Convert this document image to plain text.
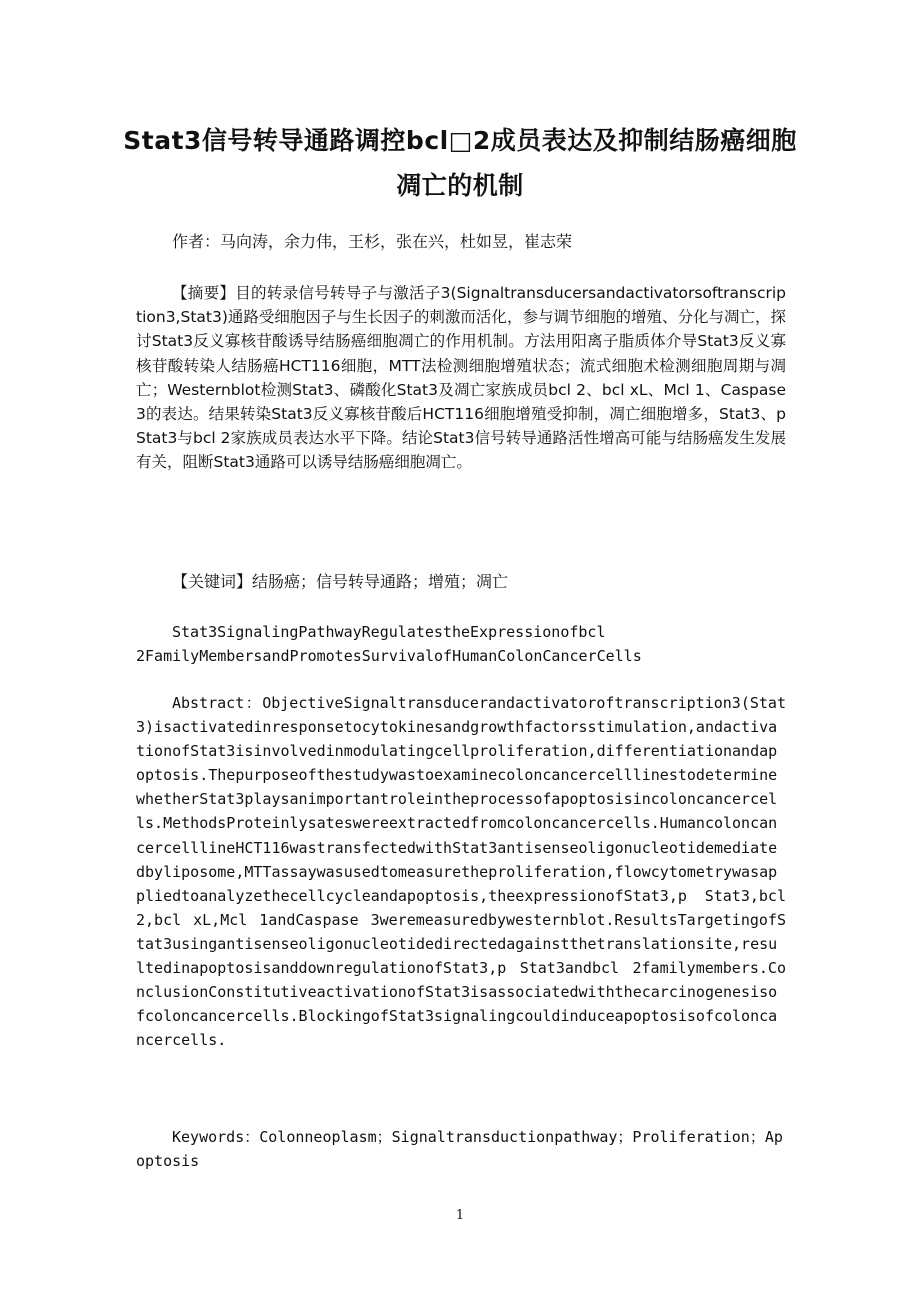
Stat3信号转导通路调控bcl□2成员表达及抑制结肠癌细胞凋亡的机制
作者：马向涛，余力伟，王杉，张在兴，杜如昱，崔志荣
【摘要】目的转录信号转导子与激活子3(Signaltransducersandactivatorsoftranscription3,Stat3)通路受细胞因子与生长因子的刺激而活化，参与调节细胞的增殖、分化与凋亡，探讨Stat3反义寡核苷酸诱导结肠癌细胞凋亡的作用机制。方法用阳离子脂质体介导Stat3反义寡核苷酸转染人结肠癌HCT116细胞，MTT法检测细胞增殖状态；流式细胞术检测细胞周期与凋亡；Westernblot检测Stat3、磷酸化Stat3及凋亡家族成员bcl 2、bcl xL、Mcl 1、Caspase 3的表达。结果转染Stat3反义寡核苷酸后HCT116细胞增殖受抑制，凋亡细胞增多，Stat3、p Stat3与bcl 2家族成员表达水平下降。结论Stat3信号转导通路活性增高可能与结肠癌发生发展有关，阻断Stat3通路可以诱导结肠癌细胞凋亡。
【关键词】结肠癌；信号转导通路；增殖；凋亡
Stat3SignalingPathwayRegulatestheExpressionofbcl
2FamilyMembersandPromotesSurvivalofHumanColonCancerCells
Abstract：ObjectiveSignaltransducerandactivatoroftranscription3(Stat3)isactivatedinresponsetocytokinesandgrowthfactorsstimulation,andactivationofStat3isinvolvedinmodulatingcellproliferation,differentiationandapoptosis.ThepurposeofthestudywastoexaminecoloncancercelllinestodeterminewhetherStat3playsanimportantroleintheprocessofapoptosisincoloncancercells.MethodsProteinlysateswereextractedfromcoloncancercells.HumancoloncancercelllineHCT116wastransfectedwithStat3antisenseoligonucleotidemediatedbyliposome,MTTassaywasusedtomeasuretheproliferation,flowcytometrywasappliedtoanalyzethecellcycleandapoptosis,theexpressionofStat3,p Stat3,bcl 2,bcl xL,Mcl 1andCaspase 3weremeasuredbywesternblot.ResultsTargetingofStat3usingantisenseoligonucleotidedirectedagainstthetranslationsite,resultedinapoptosisanddownregulationofStat3,p Stat3andbcl 2familymembers.ConclusionConstitutiveactivationofStat3isassociatedwiththecarcinogenesisofcoloncancercells.BlockingofStat3signalingcouldinduceapoptosisofcoloncancercells.
Keywords：Colonneoplasm；Signaltransductionpathway；Proliferation；Apoptosis
1
